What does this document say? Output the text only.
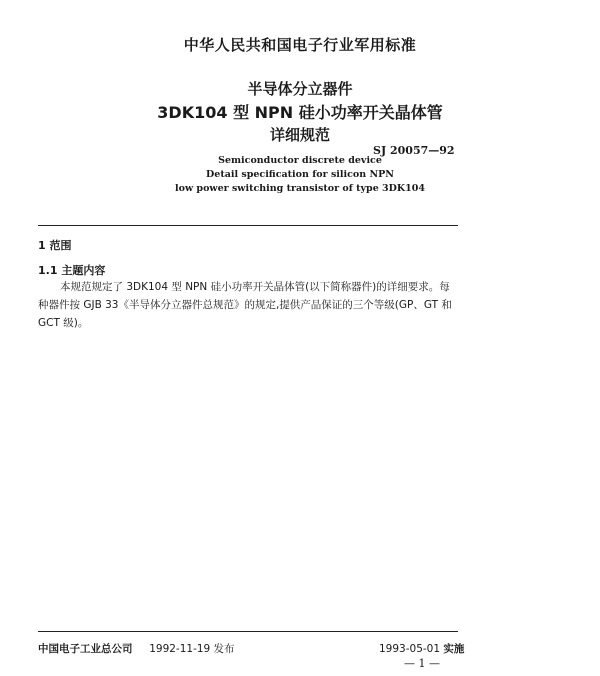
中华人民共和国电子行业军用标准
半导体分立器件
3DK104 型 NPN 硅小功率开关晶体管
详细规范
SJ 20057—92
Semiconductor discrete device
Detail specification for silicon NPN
low power switching transistor of type 3DK104
1 范围
1.1 主题内容

本规范规定了 3DK104 型 NPN 硅小功率开关晶体管(以下简称器件)的详细要求。每种器件按 GJB 33《半导体分立器件总规范》的规定,提供产品保证的三个等级(GP、GT 和 GCT 级)。

中国电子工业总公司 1992-11-19 发布	1993-05-01 实施
— 1 —
